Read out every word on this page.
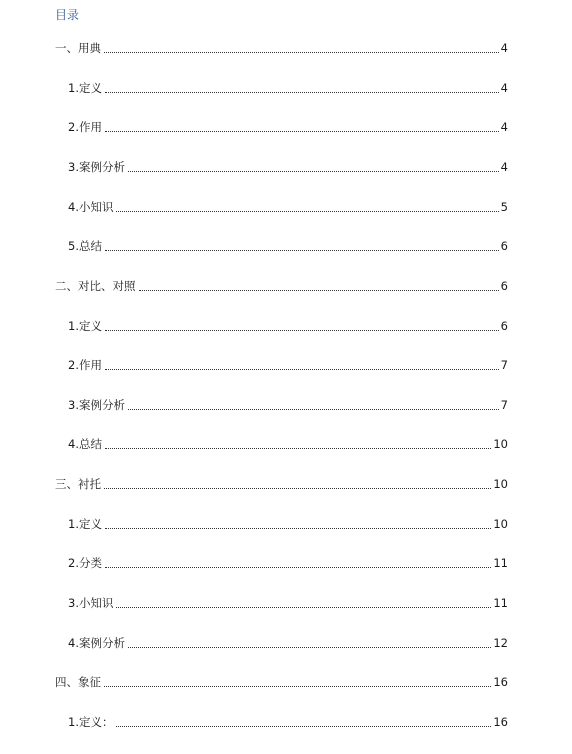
目录
一、用典	4
1.定义	4
2.作用	4
3.案例分析	4
4.小知识	5
5.总结	6
二、对比、对照	6
1.定义	6
2.作用	7
3.案例分析	7
4.总结	10
三、衬托	10
1.定义	10
2.分类	11
3.小知识	11
4.案例分析	12
四、象征	16
1.定义：	16
